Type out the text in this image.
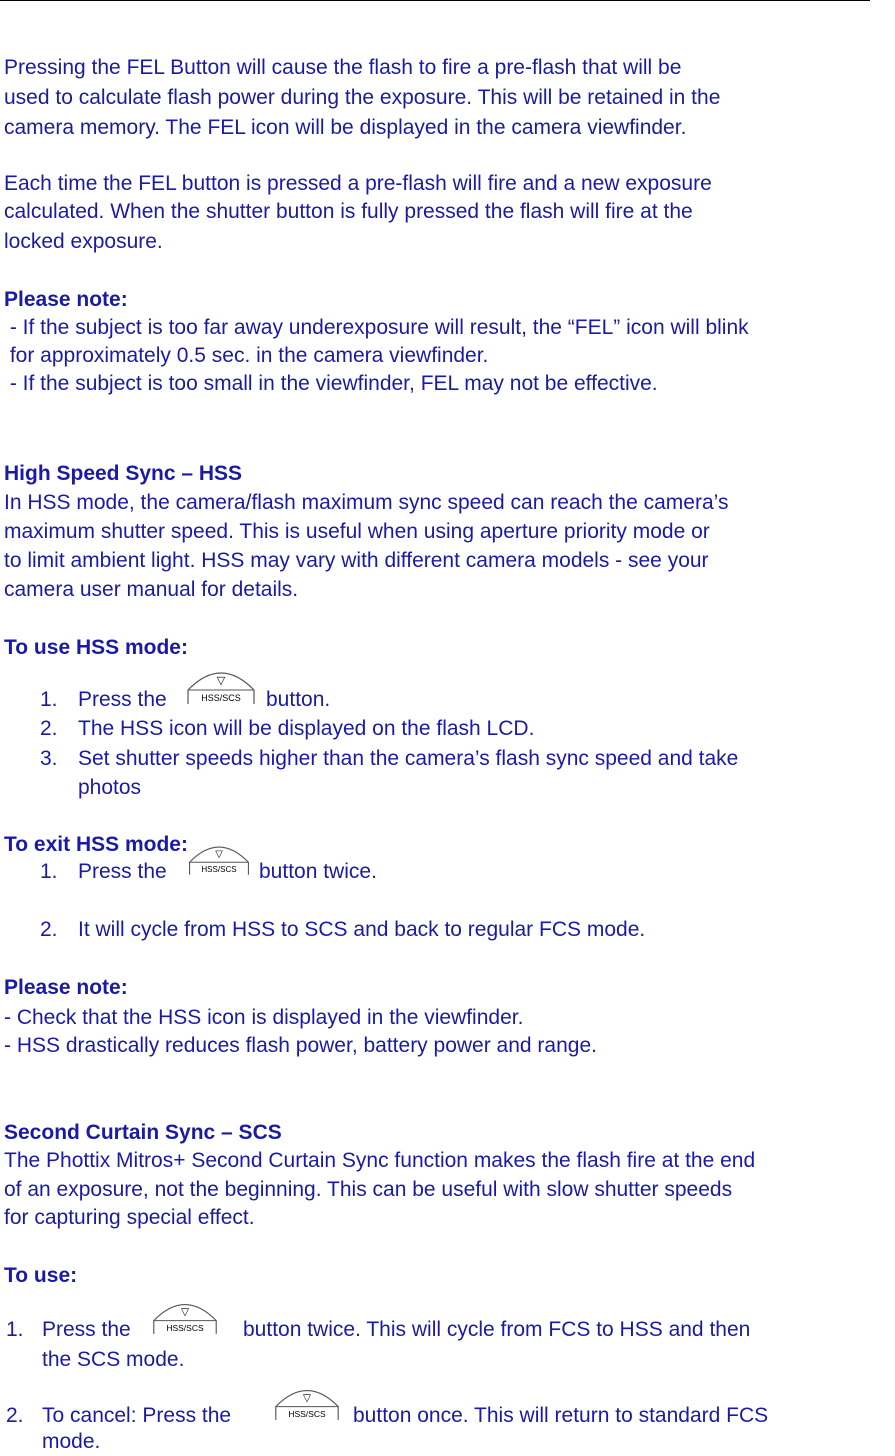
Pressing the FEL Button will cause the flash to fire a pre-flash that will be

used to calculate flash power during the exposure. This will be retained in the

camera memory. The FEL icon will be displayed in the camera viewfinder.

Each time the FEL button is pressed a pre-flash will fire and a new exposure

calculated. When the shutter button is fully pressed the flash will fire at the

locked exposure.

Please note:

- If the subject is too far away underexposure will result, the “FEL” icon will blink

for approximately 0.5 sec. in the camera viewfinder.

- If the subject is too small in the viewfinder, FEL may not be effective.

High Speed Sync – HSS

In HSS mode, the camera/flash maximum sync speed can reach the camera’s

maximum shutter speed. This is useful when using aperture priority mode or

to limit ambient light. HSS may vary with different camera models - see your

camera user manual for details.

To use HSS mode:

1. Press the
▽
HSS/SCS button.
2. The HSS icon will be displayed on the flash LCD.
3. Set shutter speeds higher than the camera’s flash sync speed and take
photos

To exit HSS mode:

1. Press the
▽
HSS/SCS button twice.
2. It will cycle from HSS to SCS and back to regular FCS mode.

Please note:

- Check that the HSS icon is displayed in the viewfinder.

- HSS drastically reduces flash power, battery power and range.

Second Curtain Sync – SCS

The Phottix Mitros+ Second Curtain Sync function makes the flash fire at the end

of an exposure, not the beginning. This can be useful with slow shutter speeds

for capturing special effect.

To use:

1. Press the
▽
HSS/SCS button twice. This will cycle from FCS to HSS and then
the SCS mode.
2. To cancel: Press the
▽
HSS/SCS button once. This will return to standard FCS
mode.
